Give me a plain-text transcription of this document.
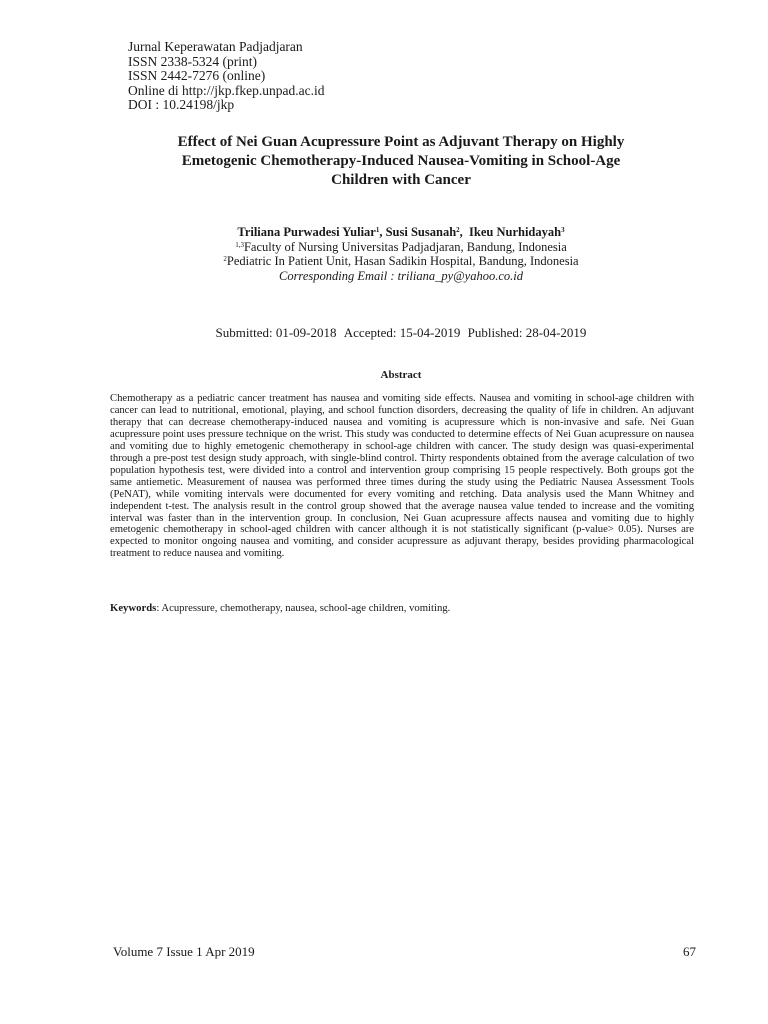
Jurnal Keperawatan Padjadjaran
ISSN 2338-5324 (print)
ISSN 2442-7276 (online)
Online di http://jkp.fkep.unpad.ac.id
DOI : 10.24198/jkp
Effect of Nei Guan Acupressure Point as Adjuvant Therapy on Highly
Emetogenic Chemotherapy-Induced Nausea-Vomiting in School-Age
Children with Cancer
Triliana Purwadesi Yuliar$^1$, Susi Susanah$^2$,  Ikeu Nurhidayah$^3$
$^{1,3}$Faculty of Nursing Universitas Padjadjaran, Bandung, Indonesia
$^2$Pediatric In Patient Unit, Hasan Sadikin Hospital, Bandung, Indonesia
Corresponding Email : triliana_py@yahoo.co.id
Submitted: 01-09-2018 Accepted: 15-04-2019 Published: 28-04-2019
Abstract
Chemotherapy as a pediatric cancer treatment has nausea and vomiting side effects. Nausea and vomiting in school-age children with cancer can lead to nutritional, emotional, playing, and school function disorders, decreasing the quality of life in children. An adjuvant therapy that can decrease chemotherapy-induced nausea and vomiting is acupressure which is non-invasive and safe. Nei Guan acupressure point uses pressure technique on the wrist. This study was conducted to determine effects of Nei Guan acupressure on nausea and vomiting due to highly emetogenic chemotherapy in school-age children with cancer. The study design was quasi-experimental through a pre-post test design study approach, with single-blind control. Thirty respondents obtained from the average calculation of two population hypothesis test, were divided into a control and intervention group comprising 15 people respectively. Both groups got the same antiemetic. Measurement of nausea was performed three times during the study using the Pediatric Nausea Assessment Tools (PeNAT), while vomiting intervals were documented for every vomiting and retching. Data analysis used the Mann Whitney and independent t-test. The analysis result in the control group showed that the average nausea value tended to increase and the vomiting interval was faster than in the intervention group. In conclusion, Nei Guan acupressure affects nausea and vomiting due to highly emetogenic chemotherapy in school-aged children with cancer although it is not statistically significant (p-value> 0.05). Nurses are expected to monitor ongoing nausea and vomiting, and consider acupressure as adjuvant therapy, besides providing pharmacological treatment to reduce nausea and vomiting.
Keywords: Acupressure, chemotherapy, nausea, school-age children, vomiting.
Volume 7 Issue 1 Apr 2019	67
